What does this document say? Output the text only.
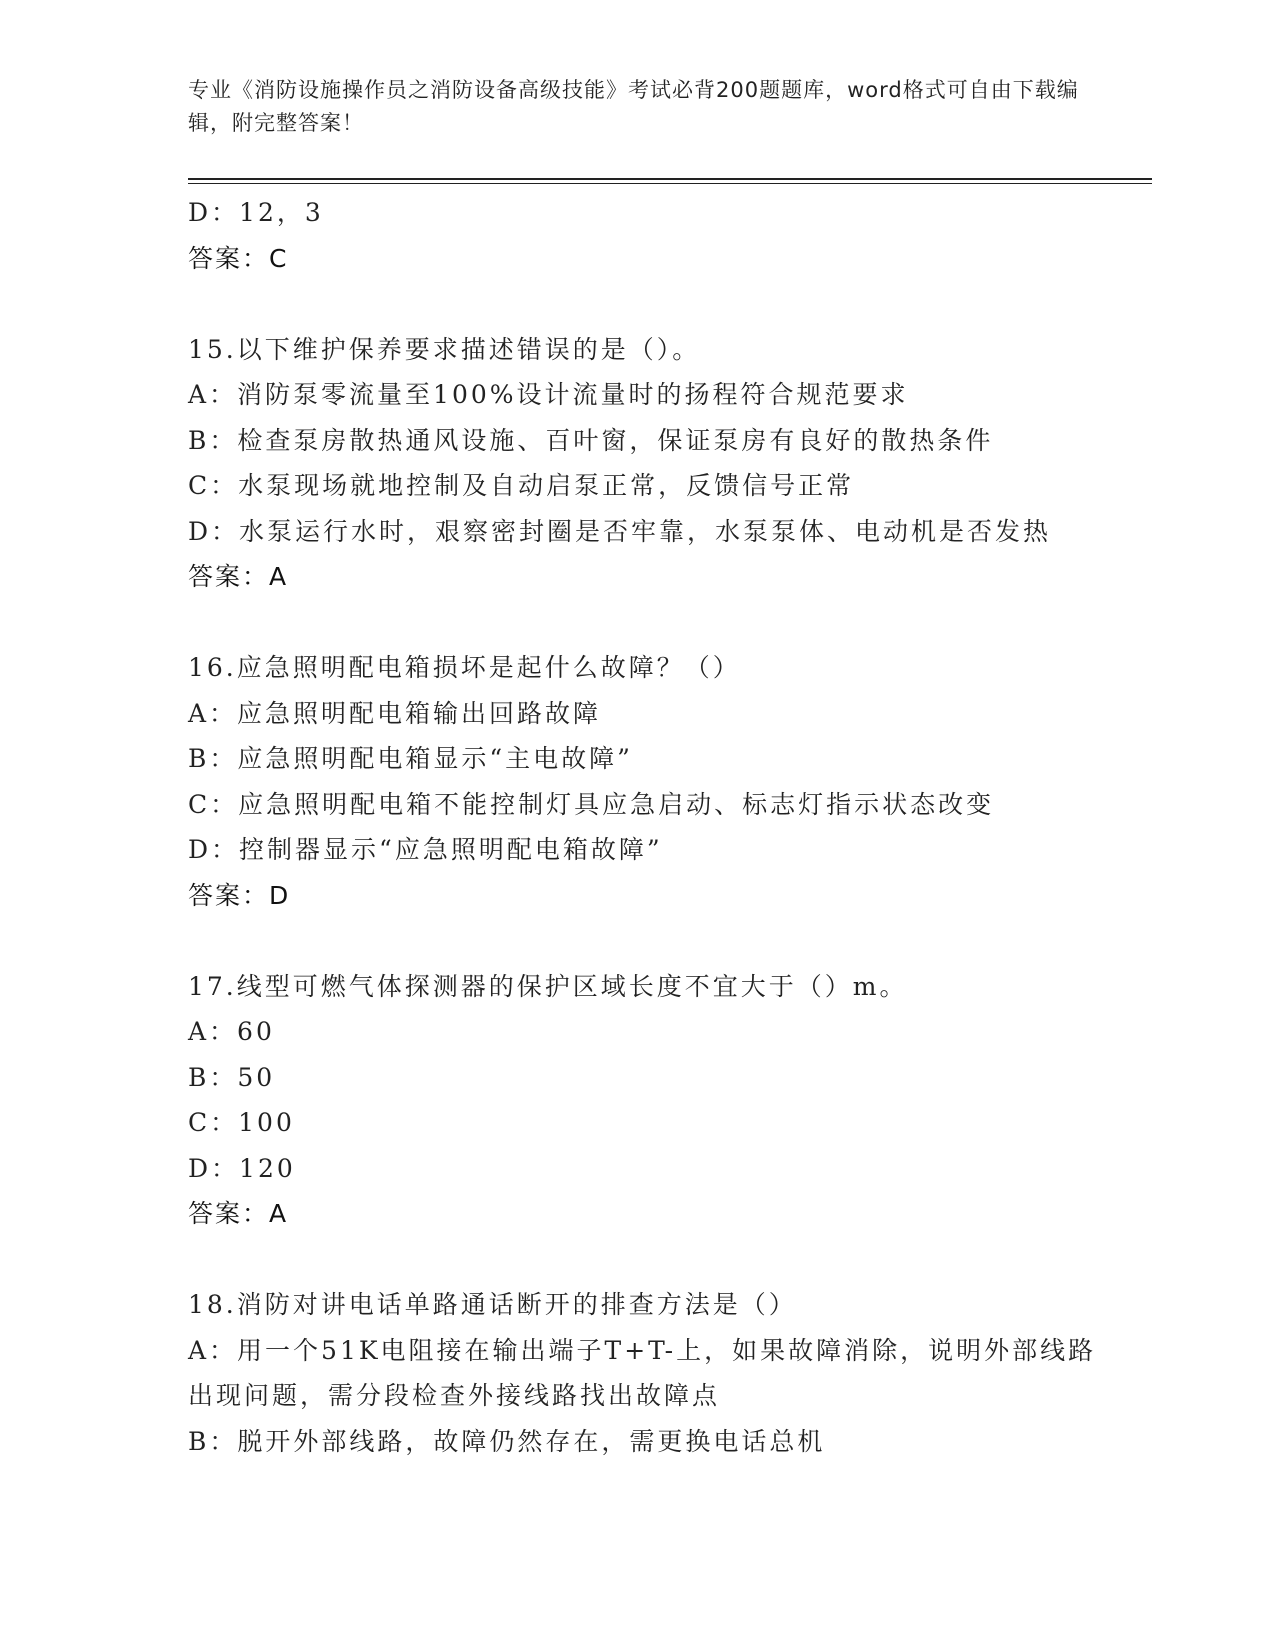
专业《消防设施操作员之消防设备高级技能》考试必背200题题库，word格式可自由下载编辑，附完整答案！
D：12，3
答案：C
15.以下维护保养要求描述错误的是（）。
A：消防泵零流量至100%设计流量时的扬程符合规范要求
B：检查泵房散热通风设施、百叶窗，保证泵房有良好的散热条件
C：水泵现场就地控制及自动启泵正常，反馈信号正常
D：水泵运行水时，艰察密封圈是否牢靠，水泵泵体、电动机是否发热
答案：A
16.应急照明配电箱损坏是起什么故障？（）
A：应急照明配电箱输出回路故障
B：应急照明配电箱显示“主电故障”
C：应急照明配电箱不能控制灯具应急启动、标志灯指示状态改变
D：控制器显示“应急照明配电箱故障”
答案：D
17.线型可燃气体探测器的保护区域长度不宜大于（）m。
A：60
B：50
C：100
D：120
答案：A
18.消防对讲电话单路通话断开的排查方法是（）
A：用一个51K电阻接在输出端子T+T-上，如果故障消除，说明外部线路出现问题，需分段检查外接线路找出故障点
B：脱开外部线路，故障仍然存在，需更换电话总机
